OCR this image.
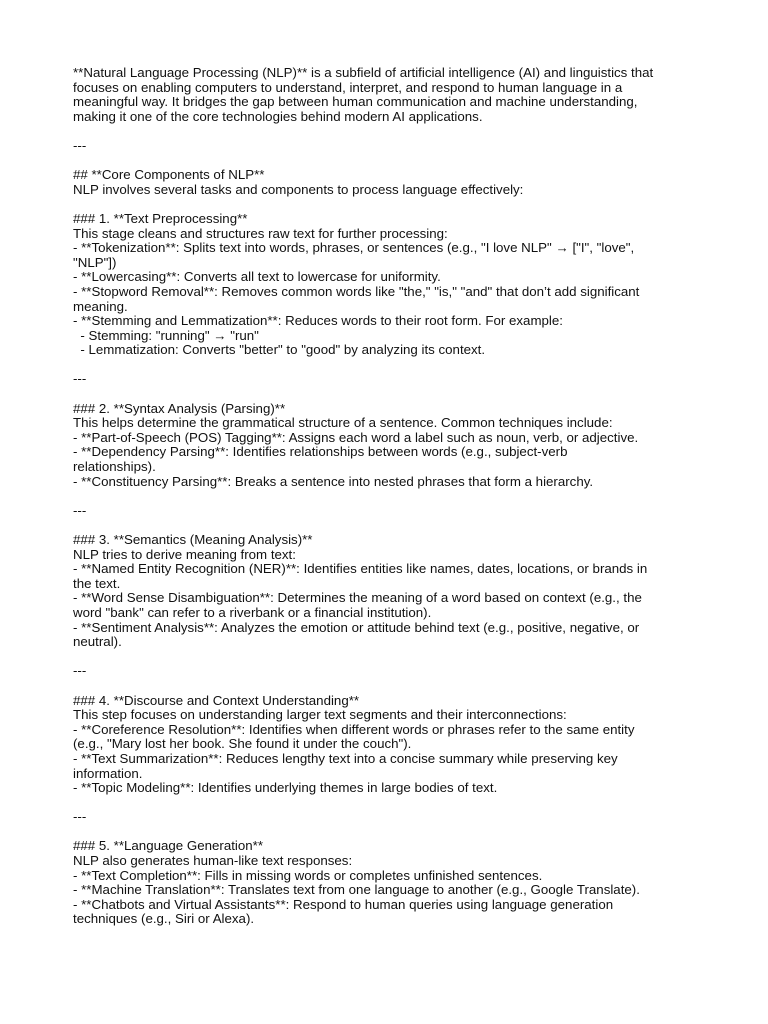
**Natural Language Processing (NLP)** is a subfield of artificial intelligence (AI) and linguistics that
focuses on enabling computers to understand, interpret, and respond to human language in a
meaningful way. It bridges the gap between human communication and machine understanding,
making it one of the core technologies behind modern AI applications.
---
## **Core Components of NLP**
NLP involves several tasks and components to process language effectively:
### 1. **Text Preprocessing**
This stage cleans and structures raw text for further processing:
- **Tokenization**: Splits text into words, phrases, or sentences (e.g., "I love NLP" → ["I", "love",
"NLP"])
- **Lowercasing**: Converts all text to lowercase for uniformity.
- **Stopword Removal**: Removes common words like "the," "is," "and" that don’t add significant
meaning.
- **Stemming and Lemmatization**: Reduces words to their root form. For example:
- Stemming: "running" → "run"
- Lemmatization: Converts "better" to "good" by analyzing its context.
---
### 2. **Syntax Analysis (Parsing)**
This helps determine the grammatical structure of a sentence. Common techniques include:
- **Part-of-Speech (POS) Tagging**: Assigns each word a label such as noun, verb, or adjective.
- **Dependency Parsing**: Identifies relationships between words (e.g., subject-verb
relationships).
- **Constituency Parsing**: Breaks a sentence into nested phrases that form a hierarchy.
---
### 3. **Semantics (Meaning Analysis)**
NLP tries to derive meaning from text:
- **Named Entity Recognition (NER)**: Identifies entities like names, dates, locations, or brands in
the text.
- **Word Sense Disambiguation**: Determines the meaning of a word based on context (e.g., the
word "bank" can refer to a riverbank or a financial institution).
- **Sentiment Analysis**: Analyzes the emotion or attitude behind text (e.g., positive, negative, or
neutral).
---
### 4. **Discourse and Context Understanding**
This step focuses on understanding larger text segments and their interconnections:
- **Coreference Resolution**: Identifies when different words or phrases refer to the same entity
(e.g., "Mary lost her book. She found it under the couch").
- **Text Summarization**: Reduces lengthy text into a concise summary while preserving key
information.
- **Topic Modeling**: Identifies underlying themes in large bodies of text.
---
### 5. **Language Generation**
NLP also generates human-like text responses:
- **Text Completion**: Fills in missing words or completes unfinished sentences.
- **Machine Translation**: Translates text from one language to another (e.g., Google Translate).
- **Chatbots and Virtual Assistants**: Respond to human queries using language generation
techniques (e.g., Siri or Alexa).
